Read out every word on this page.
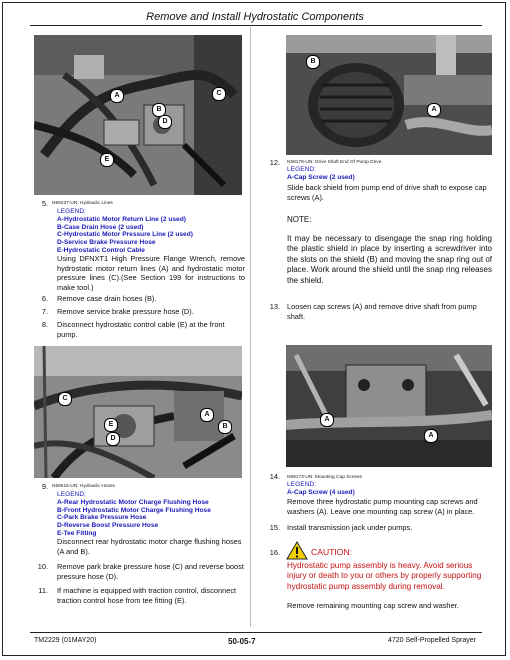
Remove and Install Hydrostatic Components
A
B
C
D
E
5. N59237-UN: Hydraulic Lines
LEGEND:
A-Hydrostatic Motor Return Line (2 used)
B-Case Drain Hose (2 used)
C-Hydrostatic Motor Pressure Line (2 used)
D-Service Brake Pressure Hose
E-Hydrostatic Control Cable
Using DFNXT1 High Pressure Flange Wrench, remove hydrostatic motor return lines (A) and hydrostatic motor pressure lines (C).(See Section 199 for instructions to make tool.)
6. Remove case drain hoses (B).
7. Remove service brake pressure hose (D).
8. Disconnect hydrostatic control cable (E) at the front pump.
C
A
E
D
B
9. N58515-UN: Hydraulic Hoses
LEGEND:
A-Rear Hydrostatic Motor Charge Flushing Hose
B-Front Hydrostatic Motor Charge Flushing Hose
C-Park Brake Pressure Hose
D-Reverse Boost Pressure Hose
E-Tee Fitting
Disconnect rear hydrostatic motor charge flushing hoses (A and B).
10. Remove park brake pressure hose (C) and reverse boost pressure hose (D).
11. If machine is equipped with traction control, disconnect traction control hose from tee fitting (E).
B
A
12. N59178-UN: Drive Shaft End Of Pump Drive
LEGEND:
A-Cap Screw (2 used)
Slide back shield from pump end of drive shaft to expose cap screws (A).
NOTE:
It may be necessary to disengage the snap ring holding the plastic shield in place by inserting a screwdriver into the slots on the shield (B) and moving the snap ring out of place. Work around the shield until the snap ring releases the shield.
13. Loosen cap screws (A) and remove drive shaft from pump shaft.
A
A
14. N59173-UN: Mounting Cap Screws
LEGEND:
A-Cap Screw (4 used)
Remove three hydrostatic pump mounting cap screws and washers (A). Leave one mounting cap screw (A) in place.
15. Install transmission jack under pumps.
16.	CAUTION:
Hydrostatic pump assembly is heavy. Avoid serious injury or death to you or others by properly supporting hydrostatic pump assembly during removal.
Remove remaining mounting cap screw and washer.
TM2229 (01MAY20)	50-05-7	4720 Self-Propelled Sprayer
